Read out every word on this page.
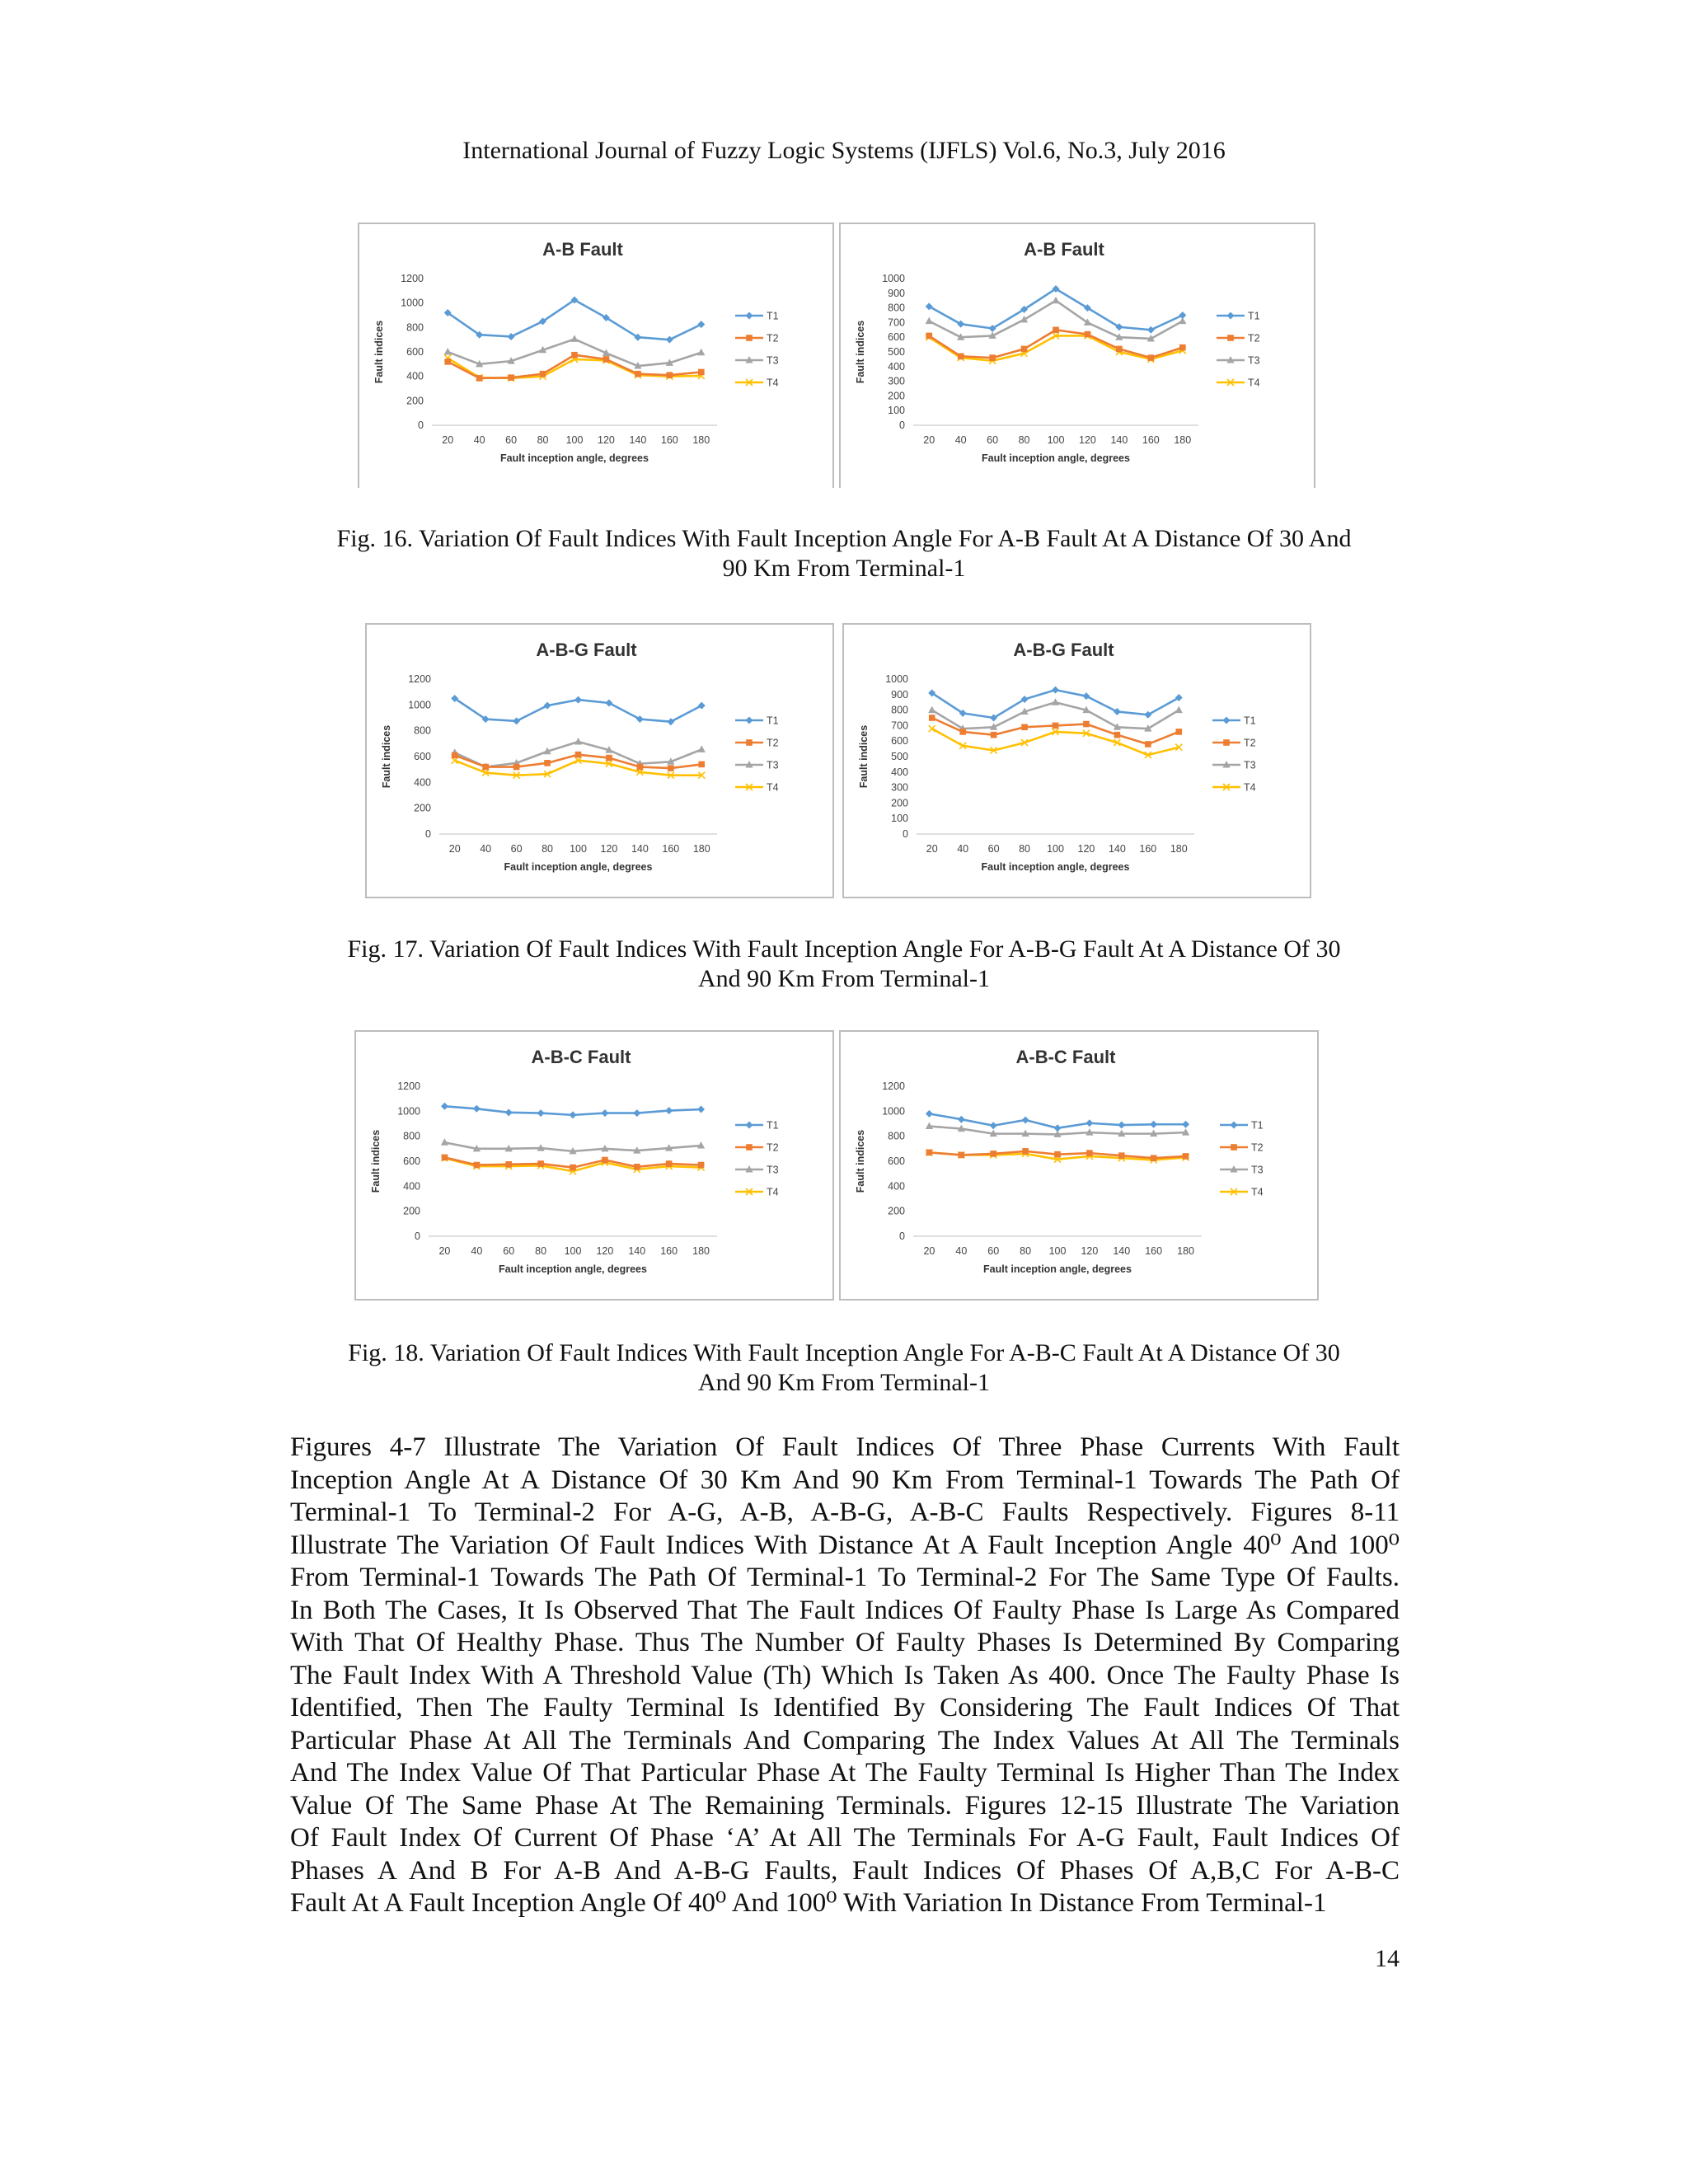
International Journal of Fuzzy Logic Systems (IJFLS) Vol.6, No.3, July 2016
A-B Fault
0
200
400
600
800
1000
1200
20 40 60 80 100 120 140 160 180
Fault inception angle, degrees
Fault indices
T1
T2
T3
T4
A-B Fault
0
100
200
300
400
500
600
700
800
900
1000
20 40 60 80 100 120 140 160 180
Fault inception angle, degrees
Fault indices
T1
T2
T3
T4
Fig. 16. Variation Of Fault Indices With Fault Inception Angle For A-B Fault At A Distance Of 30 And
90 Km From Terminal-1
A-B-G Fault
0
200
400
600
800
1000
1200
20 40 60 80 100 120 140 160 180
Fault inception angle, degrees
Fault indices
T1
T2
T3
T4
A-B-G Fault
0
100
200
300
400
500
600
700
800
900
1000
20 40 60 80 100 120 140 160 180
Fault inception angle, degrees
Fault indices
T1
T2
T3
T4
Fig. 17. Variation Of Fault Indices With Fault Inception Angle For A-B-G Fault At A Distance Of 30
And 90 Km From Terminal-1
A-B-C Fault
0
200
400
600
800
1000
1200
20 40 60 80 100 120 140 160 180
Fault inception angle, degrees
Fault indices
T1
T2
T3
T4
A-B-C Fault
0
200
400
600
800
1000
1200
20 40 60 80 100 120 140 160 180
Fault inception angle, degrees
Fault indices
T1
T2
T3
T4
Fig. 18. Variation Of Fault Indices With Fault Inception Angle For A-B-C Fault At A Distance Of 30
And 90 Km From Terminal-1

Figures 4-7 Illustrate The Variation Of Fault Indices Of Three Phase Currents With Fault

Inception Angle At A Distance Of 30 Km And 90 Km From Terminal-1 Towards The Path Of

Terminal-1 To Terminal-2 For A-G, A-B, A-B-G, A-B-C Faults Respectively. Figures 8-11

Illustrate The Variation Of Fault Indices With Distance At A Fault Inception Angle 40⁰ And 100⁰

From Terminal-1 Towards The Path Of Terminal-1 To Terminal-2 For The Same Type Of Faults.

In Both The Cases, It Is Observed That The Fault Indices Of Faulty Phase Is Large As Compared

With That Of Healthy Phase. Thus The Number Of Faulty Phases Is Determined By Comparing

The Fault Index With A Threshold Value (Th) Which Is Taken As 400. Once The Faulty Phase Is

Identified, Then The Faulty Terminal Is Identified By Considering The Fault Indices Of That

Particular Phase At All The Terminals And Comparing The Index Values At All The Terminals

And The Index Value Of That Particular Phase At The Faulty Terminal Is Higher Than The Index

Value Of The Same Phase At The Remaining Terminals. Figures 12-15 Illustrate The Variation

Of Fault Index Of Current Of Phase ‘A’ At All The Terminals For A-G Fault, Fault Indices Of

Phases A And B For A-B And A-B-G Faults, Fault Indices Of Phases Of A,B,C For A-B-C

Fault At A Fault Inception Angle Of 40⁰ And 100⁰ With Variation In Distance From Terminal-1

14
